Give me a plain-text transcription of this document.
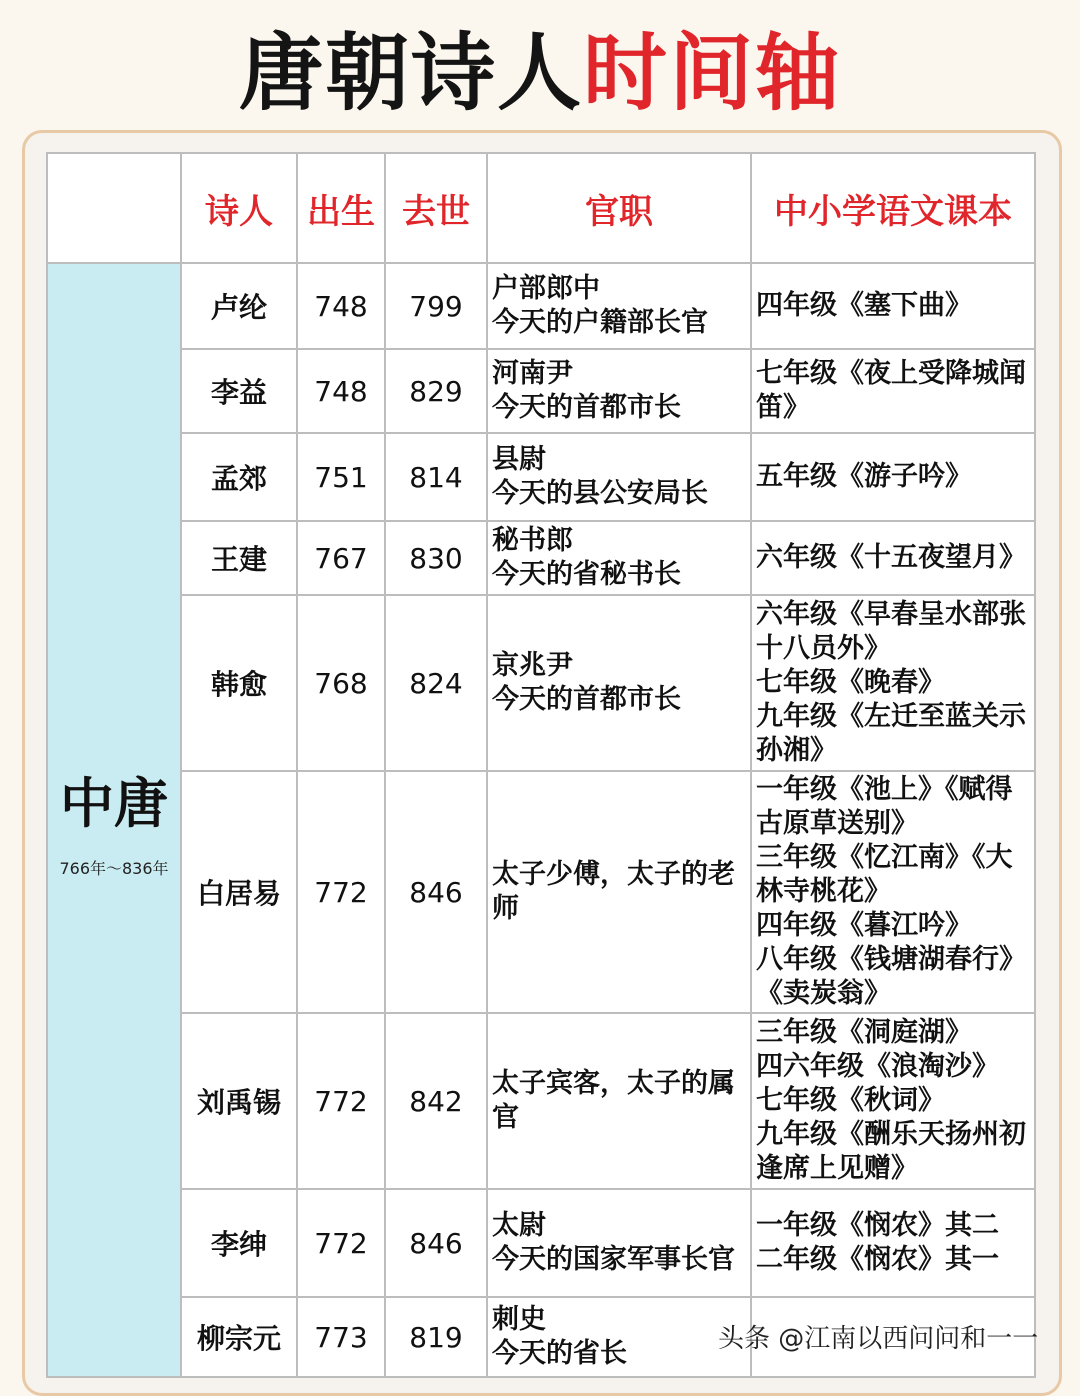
唐朝诗人时间轴
	诗人	出生	去世	官职	中小学语文课本

中唐
766年～836年	卢纶	748	799	户部郎中
今天的户籍部长官	四年级《塞下曲》

	李益	748	829	河南尹
今天的首都市长	七年级《夜上受降城闻笛》

	孟郊	751	814	县尉
今天的县公安局长	五年级《游子吟》

	王建	767	830	秘书郎
今天的省秘书长	六年级《十五夜望月》

	韩愈	768	824	京兆尹
今天的首都市长	六年级《早春呈水部张十八员外》
七年级《晚春》
九年级《左迁至蓝关示孙湘》

	白居易	772	846	太子少傅，太子的老师	一年级《池上》《赋得古原草送别》
三年级《忆江南》《大林寺桃花》
四年级《暮江吟》
八年级《钱塘湖春行》《卖炭翁》

	刘禹锡	772	842	太子宾客，太子的属官	三年级《洞庭湖》
四六年级《浪淘沙》
七年级《秋词》
九年级《酬乐天扬州初逢席上见赠》

	李绅	772	846	太尉
今天的国家军事长官	一年级《悯农》其二
二年级《悯农》其一

	柳宗元	773	819	刺史
今天的省长	
		头条 @江南以西问问和一一
